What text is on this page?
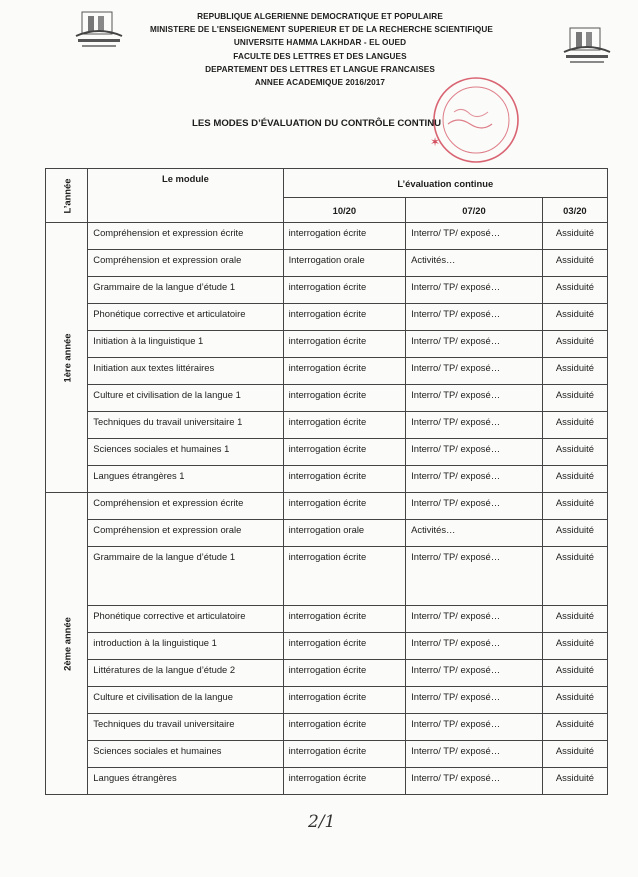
REPUBLIQUE ALGERIENNE DEMOCRATIQUE ET POPULAIRE
MINISTERE DE L'ENSEIGNEMENT SUPERIEUR ET DE LA RECHERCHE SCIENTIFIQUE
UNIVERSITE HAMMA LAKHDAR - EL OUED
FACULTE DES LETTRES ET DES LANGUES
DEPARTEMENT DES LETTRES ET LANGUE FRANCAISES
ANNEE ACADEMIQUE 2016/2017
✶
LES MODES D’ÉVALUATION DU CONTRÔLE CONTINU
L’année	Le module	L’évaluation continue		
		10/20	07/20	03/20

1ère année	Compréhension et expression écrite	interrogation écrite	Interro/ TP/ exposé…	Assiduité
	Compréhension et expression orale	Interrogation orale	Activités…	Assiduité
	Grammaire de la langue d’étude 1	interrogation écrite	Interro/ TP/ exposé…	Assiduité
	Phonétique corrective et articulatoire	interrogation écrite	Interro/ TP/ exposé…	Assiduité
	Initiation à la linguistique 1	interrogation écrite	Interro/ TP/ exposé…	Assiduité
	Initiation aux textes littéraires	interrogation écrite	Interro/ TP/ exposé…	Assiduité
	Culture et civilisation de la langue 1	interrogation écrite	Interro/ TP/ exposé…	Assiduité
	Techniques du travail universitaire 1	interrogation écrite	Interro/ TP/ exposé…	Assiduité
	Sciences sociales et humaines 1	interrogation écrite	Interro/ TP/ exposé…	Assiduité
	Langues étrangères 1	interrogation écrite	Interro/ TP/ exposé…	Assiduité

2ème année	Compréhension et expression écrite	interrogation écrite	Interro/ TP/ exposé…	Assiduité
	Compréhension et expression orale	interrogation orale	Activités…	Assiduité
	Grammaire de la langue d’étude 1	interrogation écrite	Interro/ TP/ exposé…	Assiduité
	Phonétique corrective et articulatoire	interrogation écrite	Interro/ TP/ exposé…	Assiduité
	introduction à la linguistique 1	interrogation écrite	Interro/ TP/ exposé…	Assiduité
	Littératures de la langue d’étude 2	interrogation écrite	Interro/ TP/ exposé…	Assiduité
	Culture et civilisation de la langue	interrogation écrite	Interro/ TP/ exposé…	Assiduité
	Techniques du travail universitaire	interrogation écrite	Interro/ TP/ exposé…	Assiduité
	Sciences sociales et humaines	interrogation écrite	Interro/ TP/ exposé…	Assiduité
	Langues étrangères	interrogation écrite	Interro/ TP/ exposé…	Assiduité
2/1
